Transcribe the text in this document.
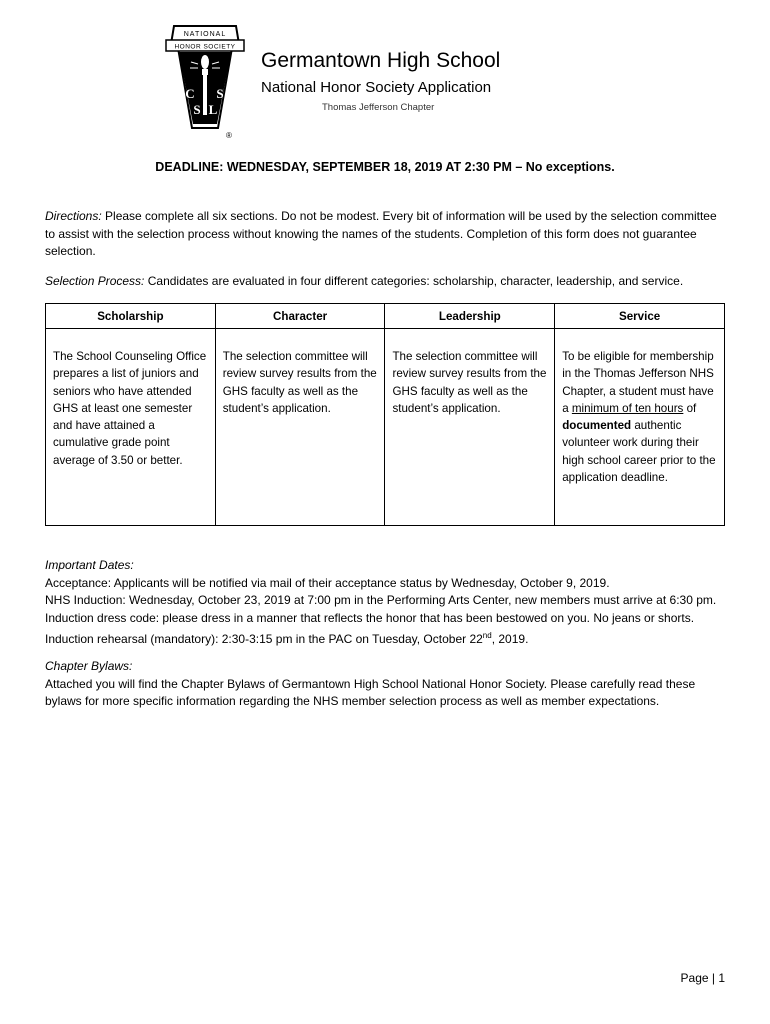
NATIONAL
HONOR SOCIETY
C
S L
S
®

Germantown High School

National Honor Society Application

Thomas Jefferson Chapter

DEADLINE: WEDNESDAY, SEPTEMBER 18, 2019 AT 2:30 PM – No exceptions.
Directions: Please complete all six sections. Do not be modest. Every bit of information will be used by the selection committee to assist with the selection process without knowing the names of the students. Completion of this form does not guarantee selection.
Selection Process: Candidates are evaluated in four different categories: scholarship, character, leadership, and service.
Scholarship	Character	Leadership	Service
The School Counseling Office prepares a list of juniors and seniors who have attended GHS at least one semester and have attained a cumulative grade point average of 3.50 or better.	The selection committee will review survey results from the GHS faculty as well as the student’s application.	The selection committee will review survey results from the GHS faculty as well as the student’s application.	To be eligible for membership in the Thomas Jefferson NHS Chapter, a student must have a minimum of ten hours of documented authentic volunteer work during their high school career prior to the application deadline.
Important Dates:
Acceptance: Applicants will be notified via mail of their acceptance status by Wednesday, October 9, 2019.
NHS Induction: Wednesday, October 23, 2019 at 7:00 pm in the Performing Arts Center, new members must arrive at 6:30 pm. Induction dress code: please dress in a manner that reflects the honor that has been bestowed on you. No jeans or shorts. Induction rehearsal (mandatory): 2:30-3:15 pm in the PAC on Tuesday, October 22nd, 2019.
Chapter Bylaws:
Attached you will find the Chapter Bylaws of Germantown High School National Honor Society. Please carefully read these bylaws for more specific information regarding the NHS member selection process as well as member expectations.
Page | 1
